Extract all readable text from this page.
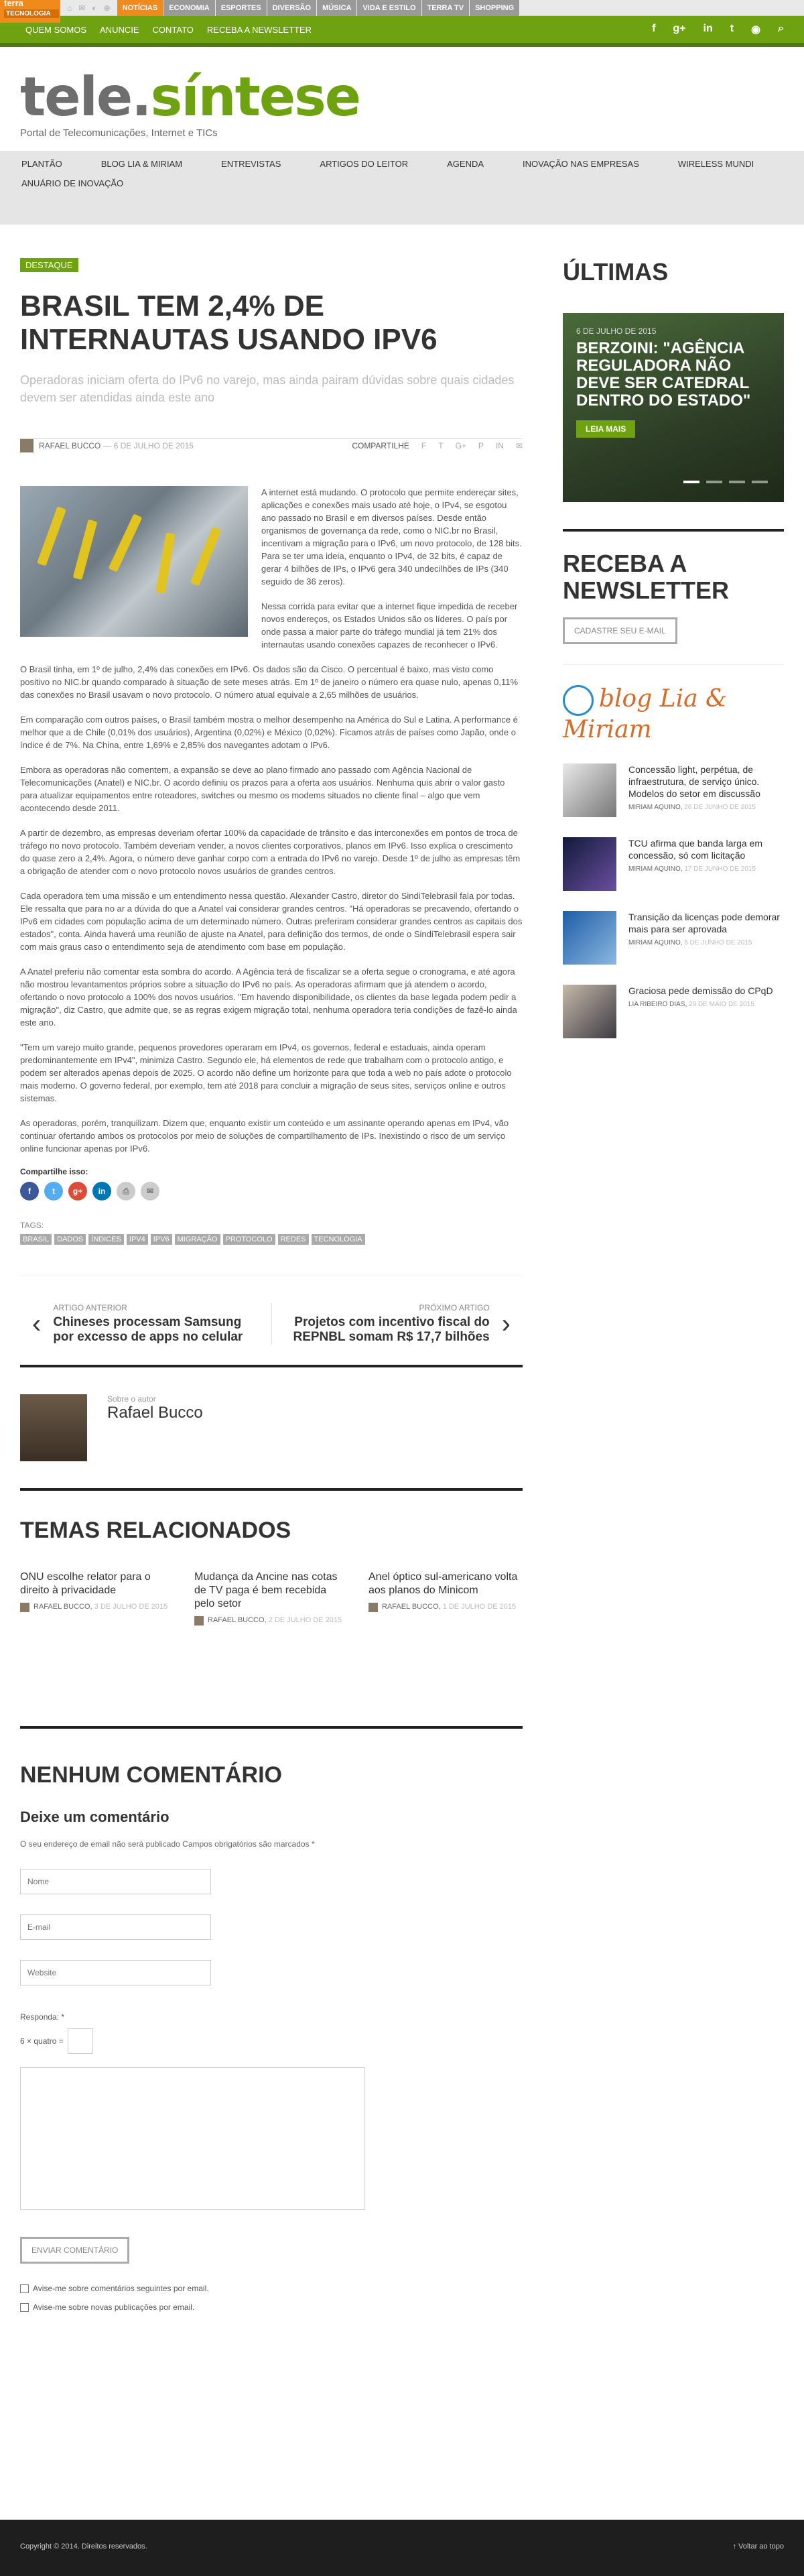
terra
TECNOLOGIA
⌂ ✉ ◐ ⊕	NOTÍCIAS	ECONOMIA	ESPORTES	DIVERSÃO	MÚSICA	VIDA E ESTILO	TERRA TV	SHOPPING
QUEM SOMOS ANUNCIE CONTATO RECEBA A NEWSLETTER	f g+ in t ◉ ⌕
tele.síntese
Portal de Telecomunicações, Internet e TICs
PLANTÃO	BLOG LIA & MIRIAM	ENTREVISTAS	ARTIGOS DO LEITOR	AGENDA	INOVAÇÃO NAS EMPRESAS	WIRELESS MUNDI
ANUÁRIO DE INOVAÇÃO
DESTAQUE
BRASIL TEM 2,4% DE INTERNAUTAS USANDO IPV6
Operadoras iniciam oferta do IPv6 no varejo, mas ainda pairam dúvidas sobre quais cidades devem ser atendidas ainda este ano
RAFAEL BUCCO — 6 DE JULHO DE 2015	COMPARTILHE F T G+ P IN ✉

A internet está mudando. O protocolo que permite endereçar sites, aplicações e conexões mais usado até hoje, o IPv4, se esgotou ano passado no Brasil e em diversos países. Desde então organismos de governança da rede, como o NIC.br no Brasil, incentivam a migração para o IPv6, um novo protocolo, de 128 bits. Para se ter uma ideia, enquanto o IPv4, de 32 bits, é capaz de gerar 4 bilhões de IPs, o IPv6 gera 340 undecilhões de IPs (340 seguido de 36 zeros).

Nessa corrida para evitar que a internet fique impedida de receber novos endereços, os Estados Unidos são os líderes. O país por onde passa a maior parte do tráfego mundial já tem 21% dos internautas usando conexões capazes de reconhecer o IPv6.

O Brasil tinha, em 1º de julho, 2,4% das conexões em IPv6. Os dados são da Cisco. O percentual é baixo, mas visto como positivo no NIC.br quando comparado à situação de sete meses atrás. Em 1º de janeiro o número era quase nulo, apenas 0,11% das conexões no Brasil usavam o novo protocolo. O número atual equivale a 2,65 milhões de usuários.

Em comparação com outros países, o Brasil também mostra o melhor desempenho na América do Sul e Latina. A performance é melhor que a de Chile (0,01% dos usuários), Argentina (0,02%) e México (0,02%). Ficamos atrás de países como Japão, onde o índice é de 7%. Na China, entre 1,69% e 2,85% dos navegantes adotam o IPv6.

Embora as operadoras não comentem, a expansão se deve ao plano firmado ano passado com Agência Nacional de Telecomunicações (Anatel) e NIC.br. O acordo definiu os prazos para a oferta aos usuários. Nenhuma quis abrir o valor gasto para atualizar equipamentos entre roteadores, switches ou mesmo os modems situados no cliente final – algo que vem acontecendo desde 2011.

A partir de dezembro, as empresas deveriam ofertar 100% da capacidade de trânsito e das interconexões em pontos de troca de tráfego no novo protocolo. Também deveriam vender, a novos clientes corporativos, planos em IPv6. Isso explica o crescimento do quase zero a 2,4%. Agora, o número deve ganhar corpo com a entrada do IPv6 no varejo. Desde 1º de julho as empresas têm a obrigação de atender com o novo protocolo novos usuários de grandes centros.

Cada operadora tem uma missão e um entendimento nessa questão. Alexander Castro, diretor do SindiTelebrasil fala por todas. Ele ressalta que para no ar a dúvida do que a Anatel vai considerar grandes centros. "Há operadoras se precavendo, ofertando o IPv6 em cidades com população acima de um determinado número. Outras preferiram considerar grandes centros as capitais dos estados", conta. Ainda haverá uma reunião de ajuste na Anatel, para definição dos termos, de onde o SindiTelebrasil espera sair com mais graus caso o entendimento seja de atendimento com base em população.

A Anatel preferiu não comentar esta sombra do acordo. A Agência terá de fiscalizar se a oferta segue o cronograma, e até agora não mostrou levantamentos próprios sobre a situação do IPv6 no país. As operadoras afirmam que já atendem o acordo, ofertando o novo protocolo a 100% dos novos usuários. "Em havendo disponibilidade, os clientes da base legada podem pedir a migração", diz Castro, que admite que, se as regras exigem migração total, nenhuma operadora teria condições de fazê-lo ainda este ano.

"Tem um varejo muito grande, pequenos provedores operaram em IPv4, os governos, federal e estaduais, ainda operam predominantemente em IPv4", minimiza Castro. Segundo ele, há elementos de rede que trabalham com o protocolo antigo, e podem ser alterados apenas depois de 2025. O acordo não define um horizonte para que toda a web no país adote o protocolo mais moderno. O governo federal, por exemplo, tem até 2018 para concluir a migração de seus sites, serviços online e outros sistemas.

As operadoras, porém, tranquilizam. Dizem que, enquanto existir um conteúdo e um assinante operando apenas em IPv4, vão continuar ofertando ambos os protocolos por meio de soluções de compartilhamento de IPs. Inexistindo o risco de um serviço online funcionar apenas por IPv6.

Compartilhe isso:
f	t	g+	in	⎙	✉
TAGS:
BRASIL	DADOS	ÍNDICES	IPV4	IPV6	MIGRAÇÃO	PROTOCOLO	REDES	TECNOLOGIA
‹
ARTIGO ANTERIOR
Chineses processam Samsung por excesso de apps no celular
PRÓXIMO ARTIGO
Projetos com incentivo fiscal do REPNBL somam R$ 17,7 bilhões ›
Sobre o autor
Rafael Bucco
TEMAS RELACIONADOS
ONU escolhe relator para o direito à privacidade
RAFAEL BUCCO, 3 DE JULHO DE 2015
Mudança da Ancine nas cotas de TV paga é bem recebida pelo setor
RAFAEL BUCCO, 2 DE JULHO DE 2015
Anel óptico sul-americano volta aos planos do Minicom
RAFAEL BUCCO, 1 DE JULHO DE 2015
NENHUM COMENTÁRIO
Deixe um comentário

O seu endereço de email não será publicado Campos obrigatórios são marcados *

Nome
E-mail
Website
Responda: *
6 × quatro =
ENVIAR COMENTÁRIO
Avise-me sobre comentários seguintes por email.
Avise-me sobre novas publicações por email.
ÚLTIMAS
6 DE JULHO DE 2015
BERZOINI: "AGÊNCIA REGULADORA NÃO DEVE SER CATEDRAL DENTRO DO ESTADO"
LEIA MAIS
RECEBA A NEWSLETTER
CADASTRE SEU E-MAIL
blog Lia & Miriam
Concessão light, perpétua, de infraestrutura, de serviço único. Modelos do setor em discussão
MIRIAM AQUINO, 26 DE JUNHO DE 2015
TCU afirma que banda larga em concessão, só com licitação
MIRIAM AQUINO, 17 DE JUNHO DE 2015
Transição da licenças pode demorar mais para ser aprovada
MIRIAM AQUINO, 5 DE JUNHO DE 2015
Graciosa pede demissão do CPqD
LIA RIBEIRO DIAS, 29 DE MAIO DE 2015
Copyright © 2014. Direitos reservados.	↑ Voltar ao topo
